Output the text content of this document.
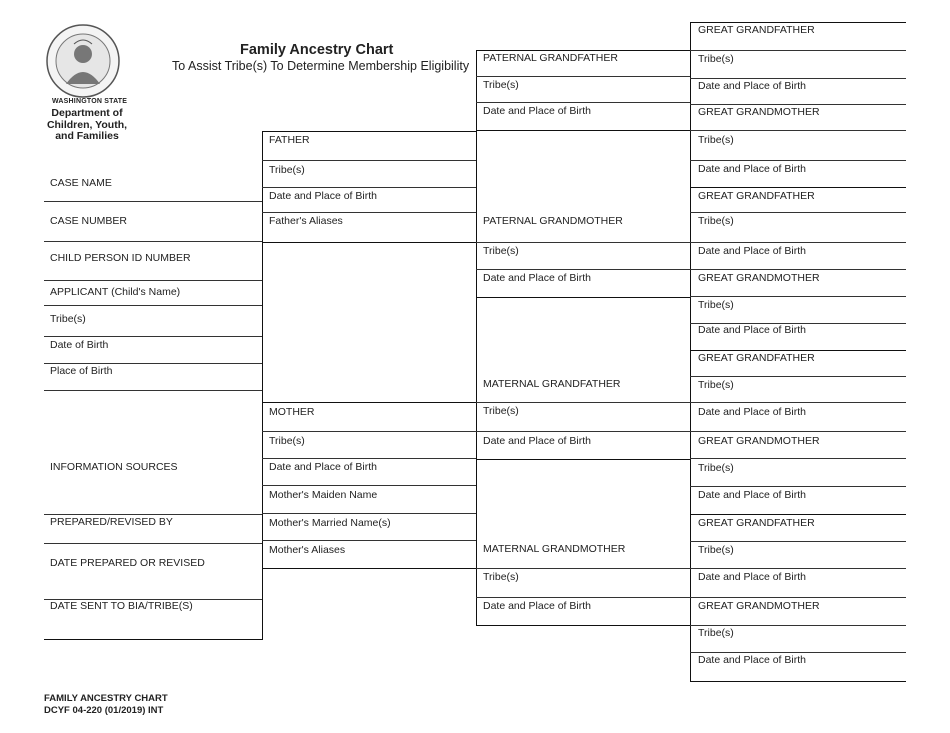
WASHINGTON STATE
Department of
Children, Youth,
and Families
Family Ancestry Chart
To Assist Tribe(s) To Determine Membership Eligibility
CASE NAME
CASE NUMBER
CHILD PERSON ID NUMBER
APPLICANT (Child's Name)
Tribe(s)
Date of Birth
Place of Birth
INFORMATION SOURCES
PREPARED/REVISED BY
DATE PREPARED OR REVISED
DATE SENT TO BIA/TRIBE(S)
FATHER
Tribe(s)
Date and Place of Birth
Father's Aliases
MOTHER
Tribe(s)
Date and Place of Birth
Mother's Maiden Name
Mother's Married Name(s)
Mother's Aliases
PATERNAL GRANDFATHER
Tribe(s)
Date and Place of Birth
PATERNAL GRANDMOTHER
Tribe(s)
Date and Place of Birth
MATERNAL GRANDFATHER
Tribe(s)
Date and Place of Birth
MATERNAL GRANDMOTHER
Tribe(s)
Date and Place of Birth
GREAT GRANDFATHER
Tribe(s)
Date and Place of Birth
GREAT GRANDMOTHER
Tribe(s)
Date and Place of Birth
GREAT GRANDFATHER
Tribe(s)
Date and Place of Birth
GREAT GRANDMOTHER
Tribe(s)
Date and Place of Birth
GREAT GRANDFATHER
Tribe(s)
Date and Place of Birth
GREAT GRANDMOTHER
Tribe(s)
Date and Place of Birth
GREAT GRANDFATHER
Tribe(s)
Date and Place of Birth
GREAT GRANDMOTHER
Tribe(s)
Date and Place of Birth
FAMILY ANCESTRY CHART
DCYF 04-220 (01/2019) INT
